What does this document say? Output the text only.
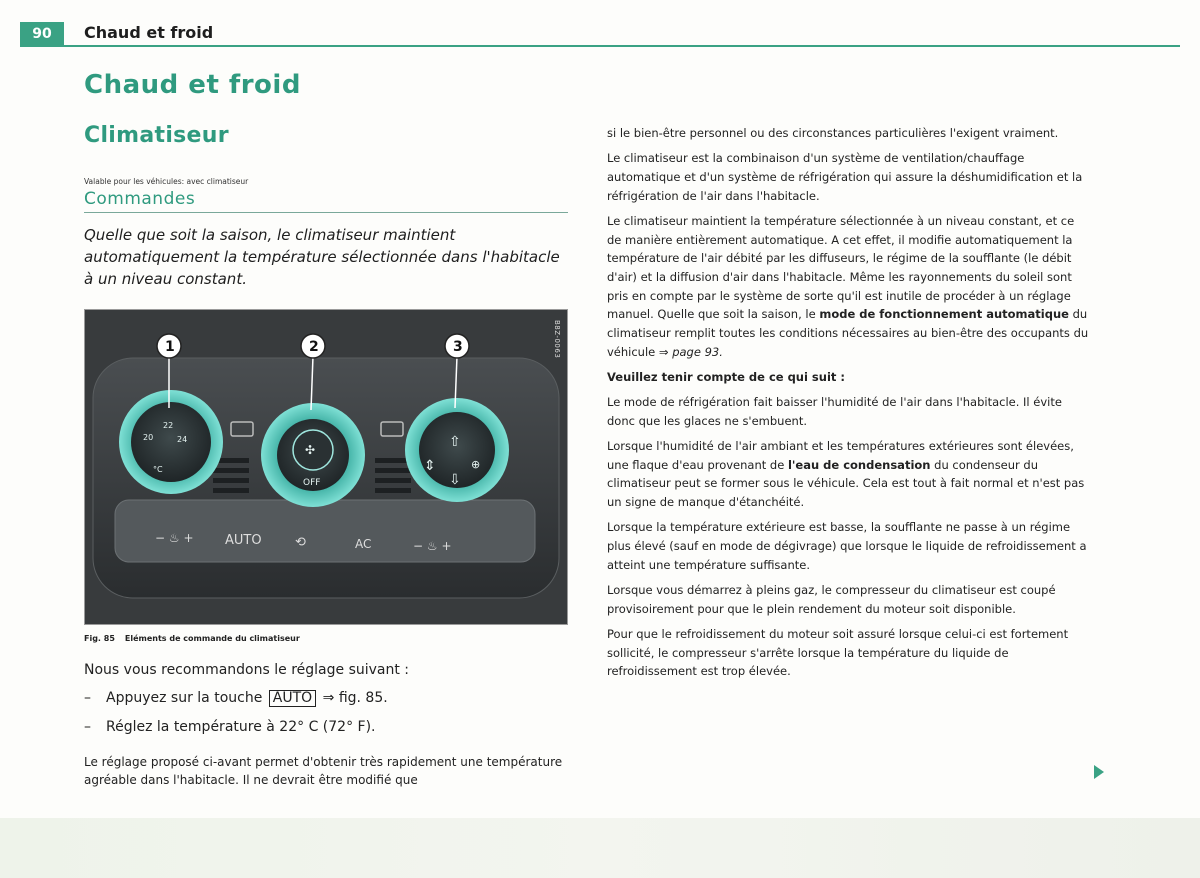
90	Chaud et froid
Chaud et froid
Climatiseur
Valable pour les véhicules: avec climatiseur
Commandes
Quelle que soit la saison, le climatiseur maintient automatiquement la température sélectionnée dans l'habitacle à un niveau constant.
22
20	24
°C
✣
OFF
⇧
⇩
⇕	⊕
AUTO	AC
− ♨ +
− ♨ +
⟲
1	2	3	B8Z-0063
Fig. 85 Eléments de commande du climatiseur

Nous vous recommandons le réglage suivant :

–	Appuyez sur la touche AUTO ⇒ fig. 85.
–	Réglez la température à 22° C (72° F).

Le réglage proposé ci-avant permet d'obtenir très rapidement une température agréable dans l'habitacle. Il ne devrait être modifié que

si le bien-être personnel ou des circonstances particulières l'exigent vraiment.

Le climatiseur est la combinaison d'un système de ventilation/chauffage automatique et d'un système de réfrigération qui assure la déshumidification et la réfrigération de l'air dans l'habitacle.

Le climatiseur maintient la température sélectionnée à un niveau constant, et ce de manière entièrement automatique. A cet effet, il modifie automatiquement la température de l'air débité par les diffuseurs, le régime de la soufflante (le débit d'air) et la diffusion d'air dans l'habitacle. Même les rayonnements du soleil sont pris en compte par le système de sorte qu'il est inutile de procéder à un réglage manuel. Quelle que soit la saison, le mode de fonctionnement automatique du climatiseur remplit toutes les conditions nécessaires au bien-être des occupants du véhicule ⇒ page 93.

Veuillez tenir compte de ce qui suit :

Le mode de réfrigération fait baisser l'humidité de l'air dans l'habitacle. Il évite donc que les glaces ne s'embuent.

Lorsque l'humidité de l'air ambiant et les températures extérieures sont élevées, une flaque d'eau provenant de l'eau de condensation du condenseur du climatiseur peut se former sous le véhicule. Cela est tout à fait normal et n'est pas un signe de manque d'étanchéité.

Lorsque la température extérieure est basse, la soufflante ne passe à un régime plus élevé (sauf en mode de dégivrage) que lorsque le liquide de refroidissement a atteint une température suffisante.

Lorsque vous démarrez à pleins gaz, le compresseur du climatiseur est coupé provisoirement pour que le plein rendement du moteur soit disponible.

Pour que le refroidissement du moteur soit assuré lorsque celui-ci est fortement sollicité, le compresseur s'arrête lorsque la température du liquide de refroidissement est trop élevée.
